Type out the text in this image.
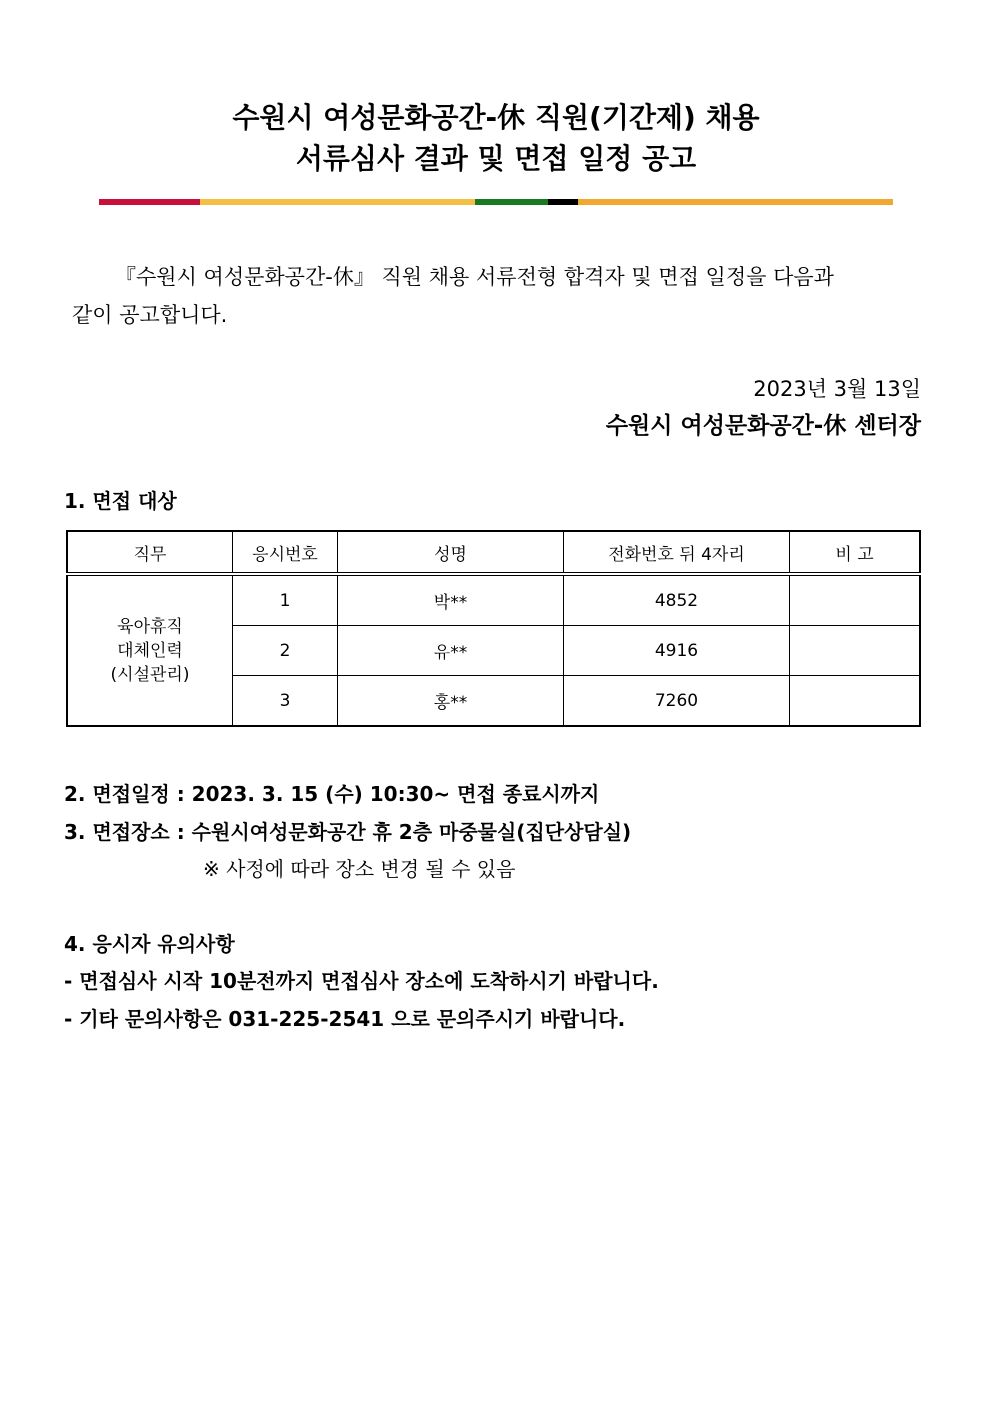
수원시 여성문화공간-休 직원(기간제) 채용
서류심사 결과 및 면접 일정 공고
『수원시 여성문화공간-休』 직원 채용 서류전형 합격자 및 면접 일정을 다음과
같이 공고합니다.
2023년 3월 13일
수원시 여성문화공간-休 센터장
1. 면접 대상
직무	응시번호	성명	전화번호 뒤 4자리	비 고

육아휴직
대체인력
(시설관리)	1	박**	4852	
	2	유**	4916	
	3	홍**	7260	
2. 면접일정 : 2023. 3. 15 (수) 10:30~ 면접 종료시까지
3. 면접장소 : 수원시여성문화공간 휴 2층 마중물실(집단상담실)
※ 사정에 따라 장소 변경 될 수 있음
4. 응시자 유의사항
- 면접심사 시작 10분전까지 면접심사 장소에 도착하시기 바랍니다.
- 기타 문의사항은 031-225-2541 으로 문의주시기 바랍니다.
